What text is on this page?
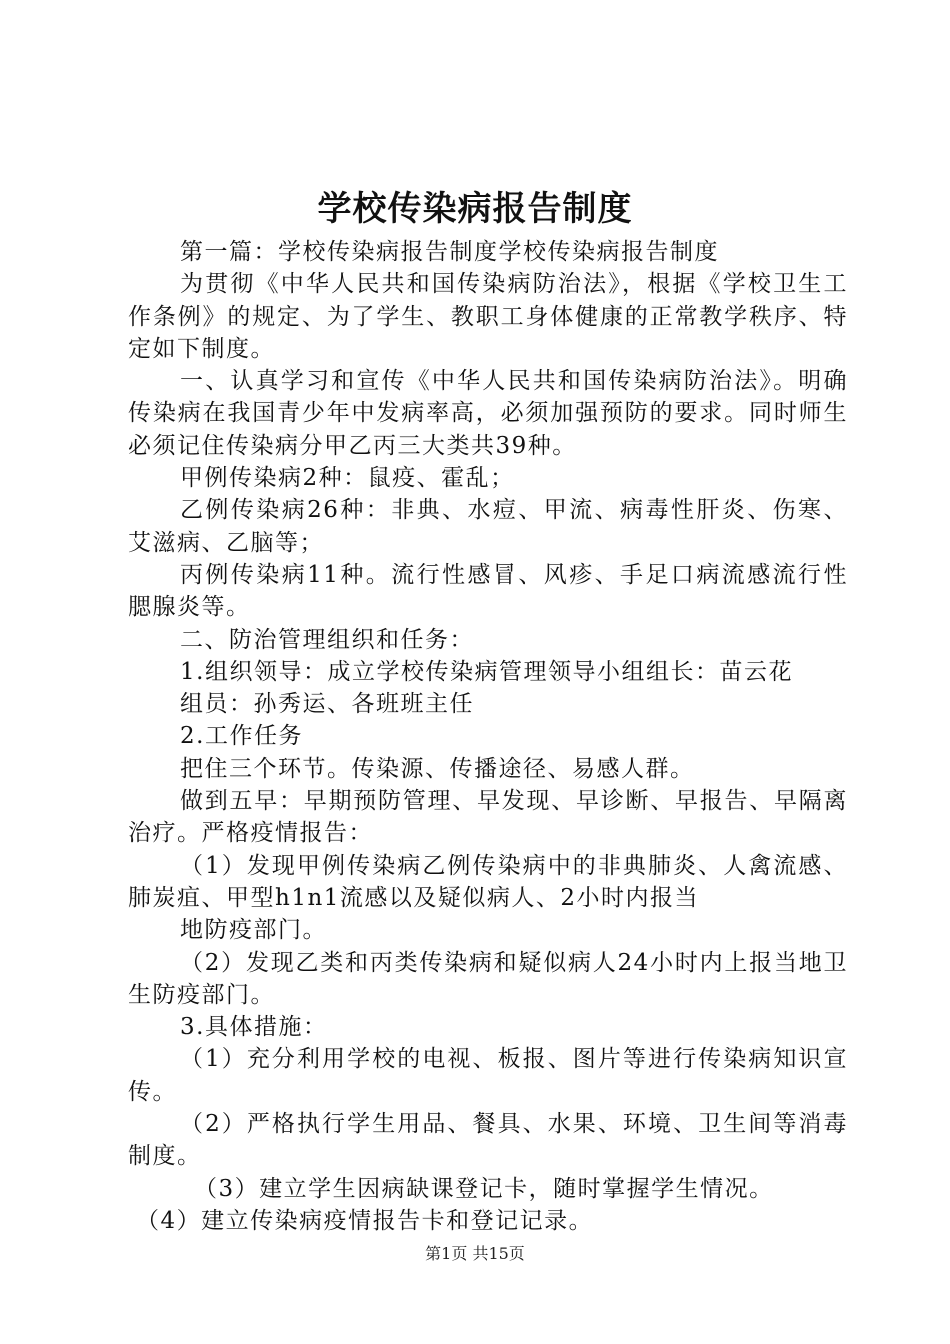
学校传染病报告制度

第一篇：学校传染病报告制度学校传染病报告制度

为贯彻《中华人民共和国传染病防治法》，根据《学校卫生工作条例》的规定、为了学生、教职工身体健康的正常教学秩序、特定如下制度。

一、认真学习和宣传《中华人民共和国传染病防治法》。明确传染病在我国青少年中发病率高，必须加强预防的要求。同时师生必须记住传染病分甲乙丙三大类共39种。

甲例传染病2种：鼠疫、霍乱；

乙例传染病26种：非典、水痘、甲流、病毒性肝炎、伤寒、艾滋病、乙脑等；

丙例传染病11种。流行性感冒、风疹、手足口病流感流行性腮腺炎等。

二、防治管理组织和任务：

1.组织领导：成立学校传染病管理领导小组组长：苗云花

组员：孙秀运、各班班主任

2.工作任务

把住三个环节。传染源、传播途径、易感人群。

做到五早：早期预防管理、早发现、早诊断、早报告、早隔离治疗。严格疫情报告：

（1）发现甲例传染病乙例传染病中的非典肺炎、人禽流感、肺炭疽、甲型h1n1流感以及疑似病人、2小时内报当

地防疫部门。

（2）发现乙类和丙类传染病和疑似病人24小时内上报当地卫生防疫部门。

3.具体措施：

（1）充分利用学校的电视、板报、图片等进行传染病知识宣传。

（2）严格执行学生用品、餐具、水果、环境、卫生间等消毒制度。

（3）建立学生因病缺课登记卡，随时掌握学生情况。

（4）建立传染病疫情报告卡和登记记录。

第1页 共15页
